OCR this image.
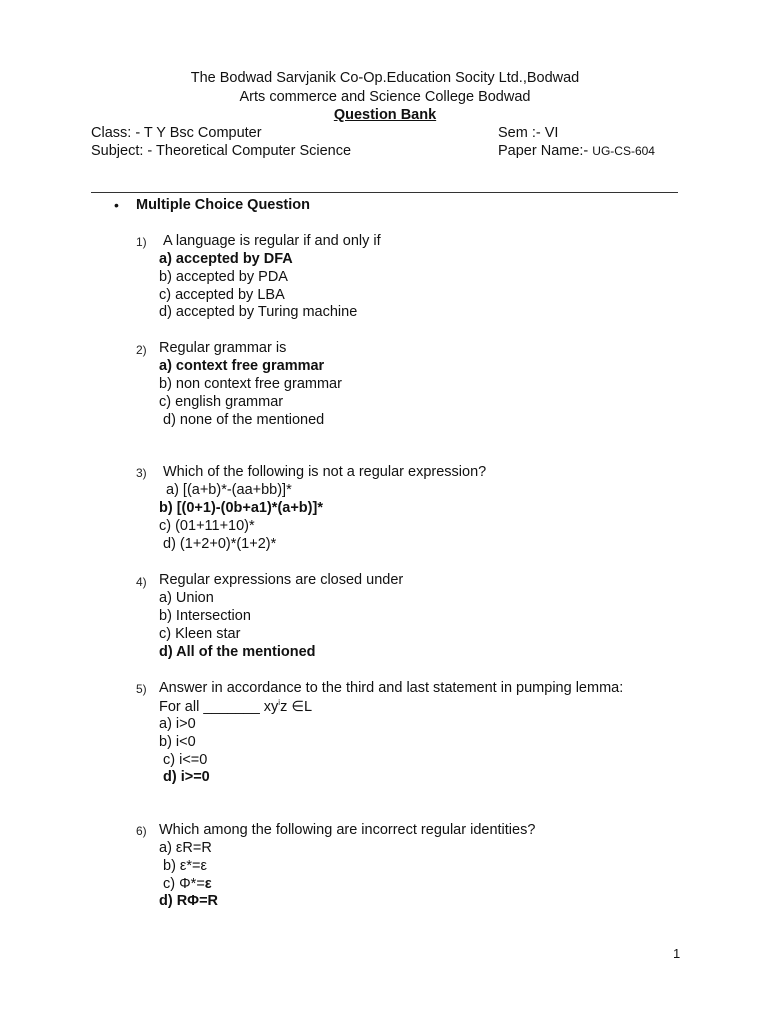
The Bodwad Sarvjanik Co-Op.Education Socity Ltd.,Bodwad
Arts commerce and Science College Bodwad
Question Bank
Class: - T Y Bsc Computer	Sem :- VI
Subject: - Theoretical Computer Science	Paper Name:- UG-CS-604
• Multiple Choice Question
1) A language is regular if and only if
a) accepted by DFA
b) accepted by PDA
c) accepted by LBA
d) accepted by Turing machine
2) Regular grammar is
a) context free grammar
b) non context free grammar
c) english grammar
d) none of the mentioned
3) Which of the following is not a regular expression?
a) [(a+b)*-(aa+bb)]*
b) [(0+1)-(0b+a1)*(a+b)]*
c) (01+11+10)*
d) (1+2+0)*(1+2)*
4) Regular expressions are closed under
a) Union
b) Intersection
c) Kleen star
d) All of the mentioned
5) Answer in accordance to the third and last statement in pumping lemma:
For all _______ $xy^iz$ ∈L
a) i>0
b) i<0
c) i<=0
d) i>=0
6) Which among the following are incorrect regular identities?
a) εR=R
b) ε*=ε
c) Φ*=ε
d) RΦ=R
1
